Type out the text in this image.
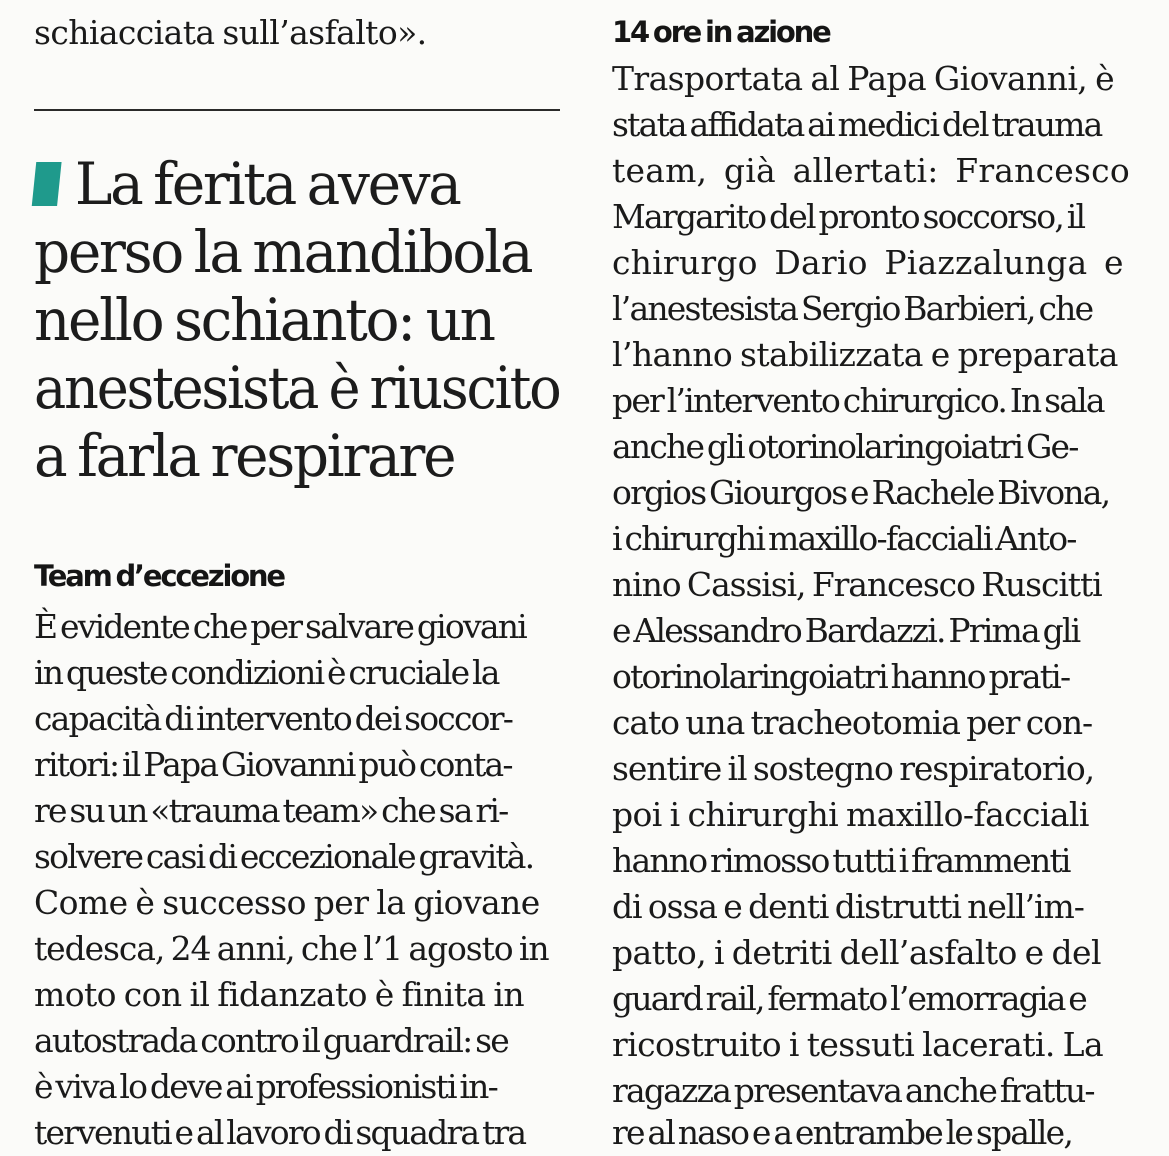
schiacciata sull’asfalto».
La ferita aveva
perso la mandibola
nello schianto: un
anestesista è riuscito
a farla respirare
Team d’eccezione
È evidente che per salvare giovani
in queste condizioni è cruciale la
capacità di intervento dei soccor-
ritori: il Papa Giovanni può conta-
re su un «trauma team» che sa ri-
solvere casi di eccezionale gravità.
Come è successo per la giovane
tedesca, 24 anni, che l’1 agosto in
moto con il fidanzato è finita in
autostrada contro il guardrail: se
è viva lo deve ai professionisti in-
tervenuti e al lavoro di squadra tra
14 ore in azione
Trasportata al Papa Giovanni, è
stata affidata ai medici del trauma
team, già allertati: Francesco
Margarito del pronto soccorso, il
chirurgo Dario Piazzalunga e
l’anestesista Sergio Barbieri, che
l’hanno stabilizzata e preparata
per l’intervento chirurgico. In sala
anche gli otorinolaringoiatri Ge-
orgios Giourgos e Rachele Bivona,
i chirurghi maxillo-facciali Anto-
nino Cassisi, Francesco Ruscitti
e Alessandro Bardazzi. Prima gli
otorinolaringoiatri hanno prati-
cato una tracheotomia per con-
sentire il sostegno respiratorio,
poi i chirurghi maxillo-facciali
hanno rimosso tutti i frammenti
di ossa e denti distrutti nell’im-
patto, i detriti dell’asfalto e del
guard rail, fermato l’emorragia e
ricostruito i tessuti lacerati. La
ragazza presentava anche frattu-
re al naso e a entrambe le spalle,
